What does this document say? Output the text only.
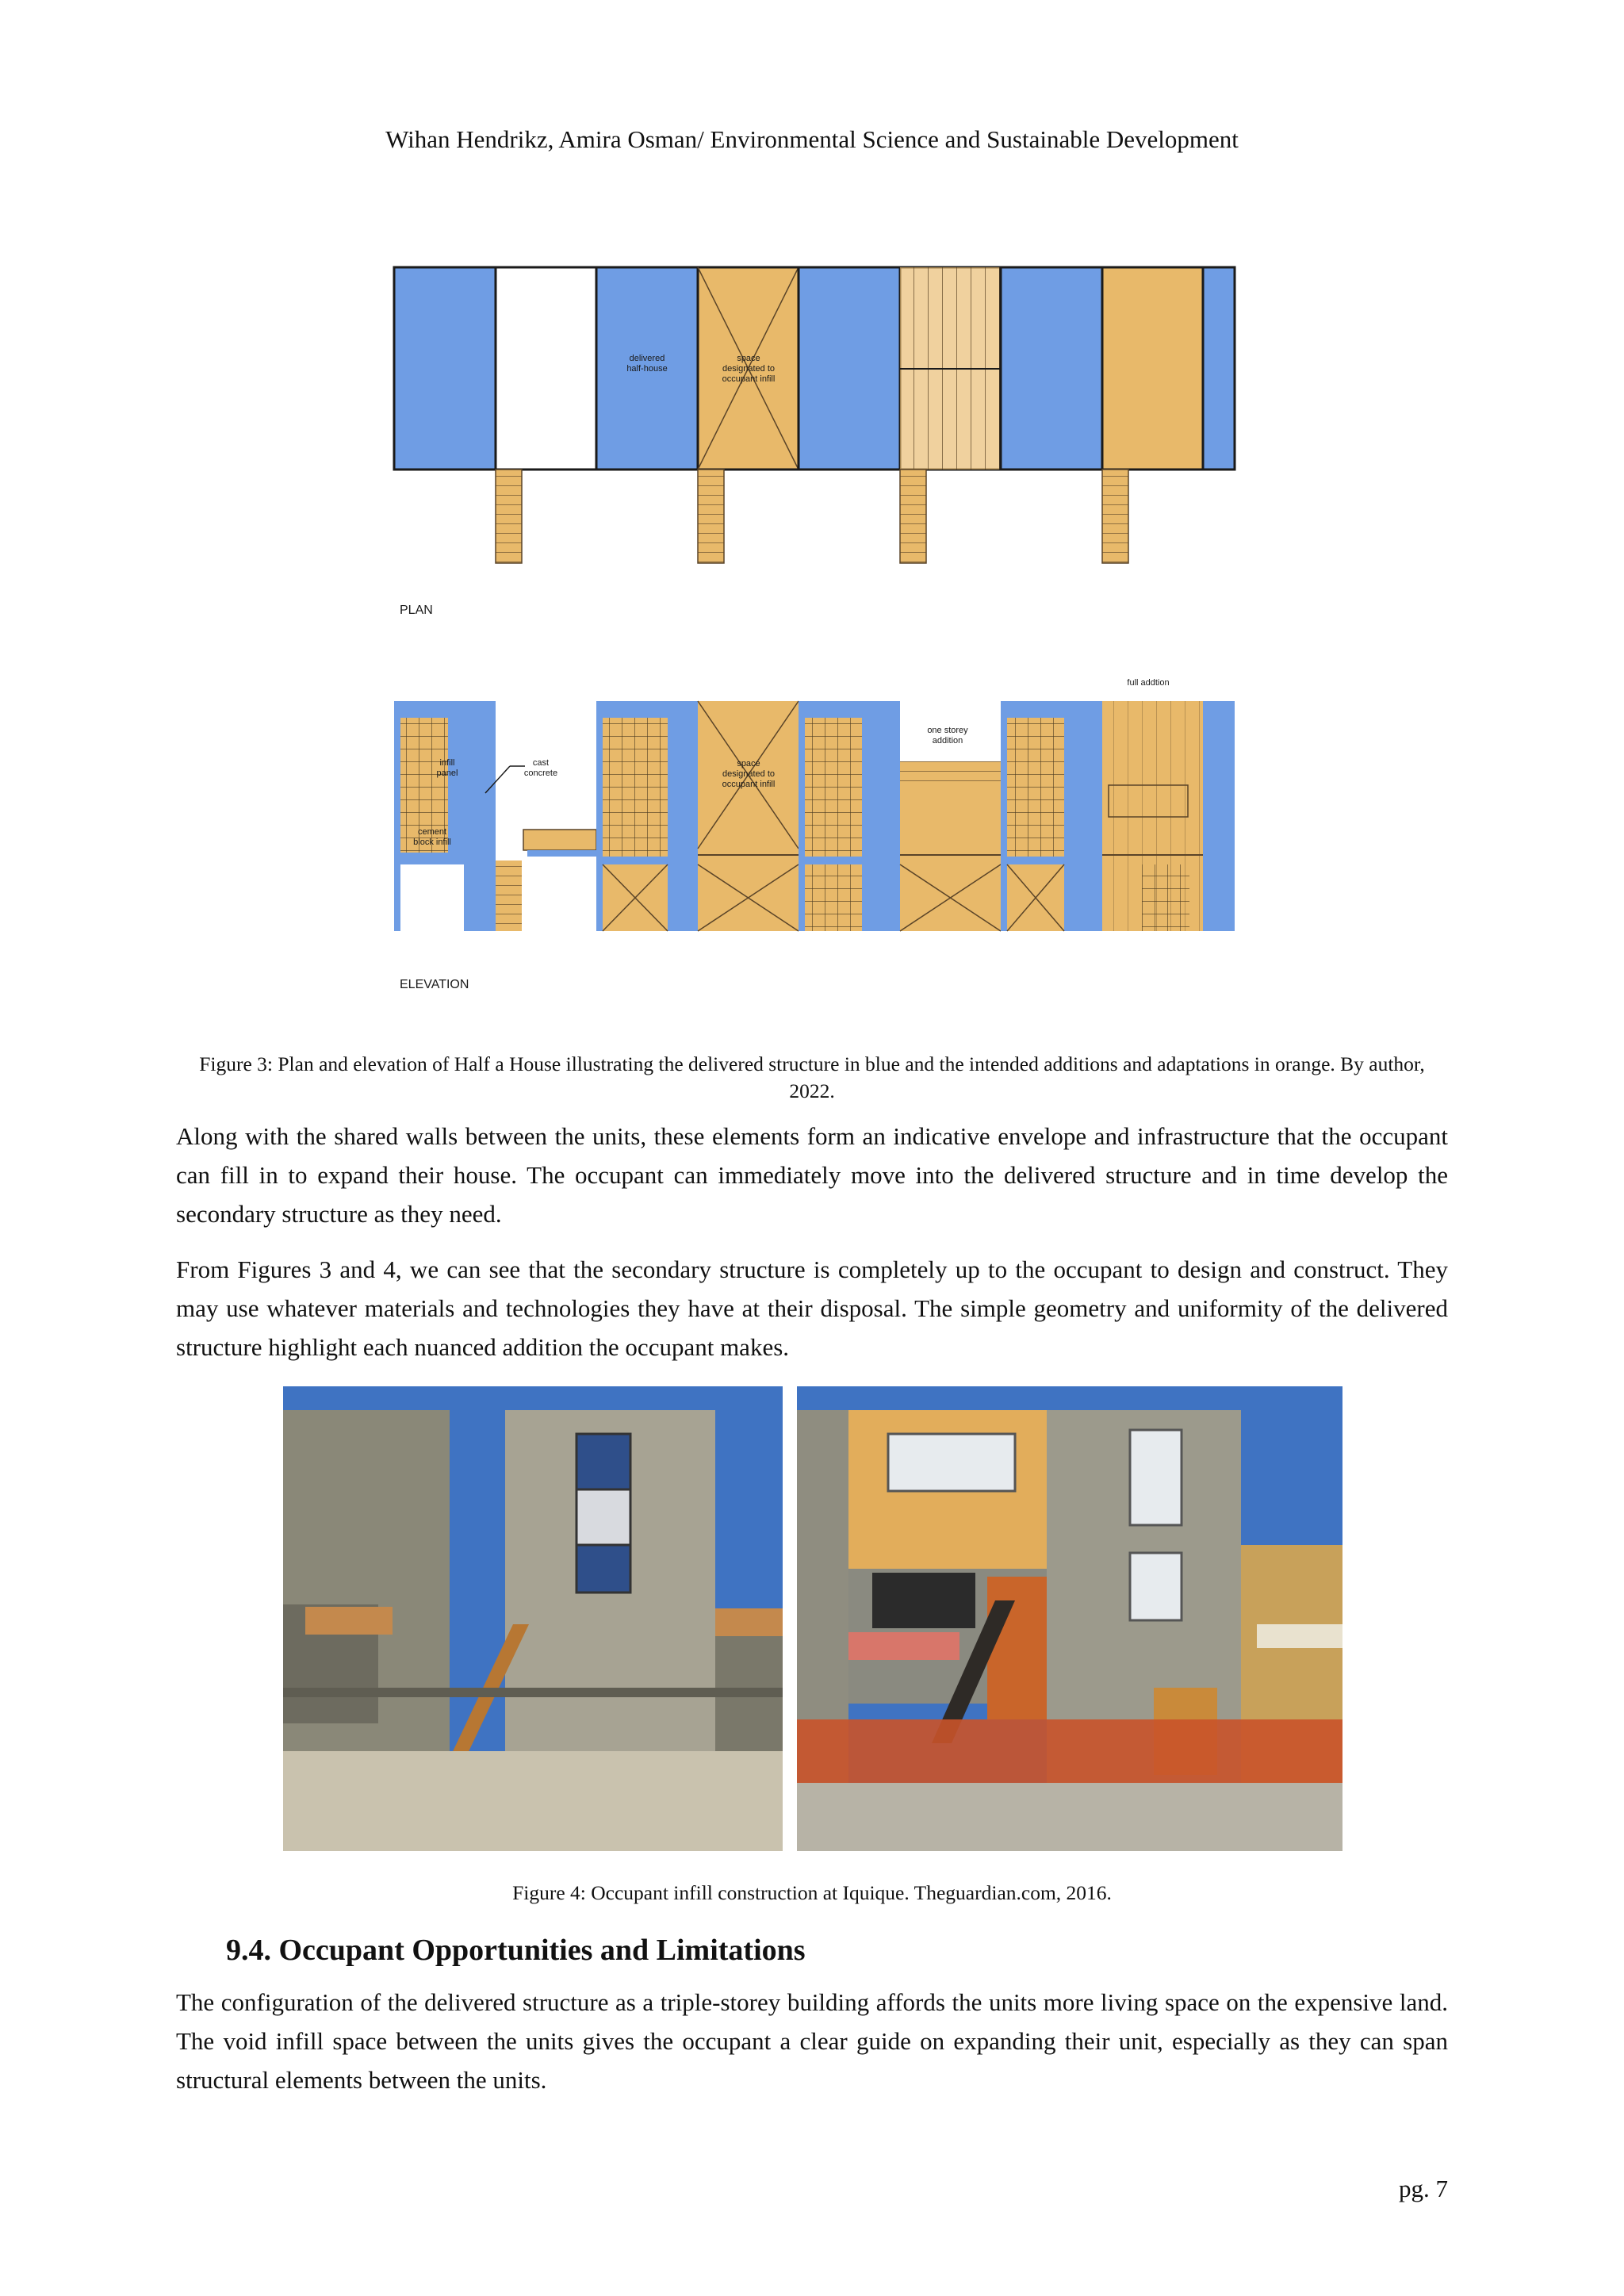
Wihan Hendrikz, Amira Osman/ Environmental Science and Sustainable Development
delivered
half-house
space
designated to
occupant infill
PLAN
infill
panel
cast
concrete
cement
block infill
space
designated to
occupant infill
one storey
addition
full addtion
ELEVATION
Figure 3: Plan and elevation of Half a House illustrating the delivered structure in blue and the intended additions and adaptations in orange. By author, 2022.

Along with the shared walls between the units, these elements form an indicative envelope and infrastructure that the occupant can fill in to expand their house. The occupant can immediately move into the delivered structure and in time develop the secondary structure as they need.

From Figures 3 and 4, we can see that the secondary structure is completely up to the occupant to design and construct. They may use whatever materials and technologies they have at their disposal. The simple geometry and uniformity of the delivered structure highlight each nuanced addition the occupant makes.

Figure 4: Occupant infill construction at Iquique. Theguardian.com, 2016.
9.4. Occupant Opportunities and Limitations

The configuration of the delivered structure as a triple-storey building affords the units more living space on the expensive land. The void infill space between the units gives the occupant a clear guide on expanding their unit, especially as they can span structural elements between the units.

pg. 7
